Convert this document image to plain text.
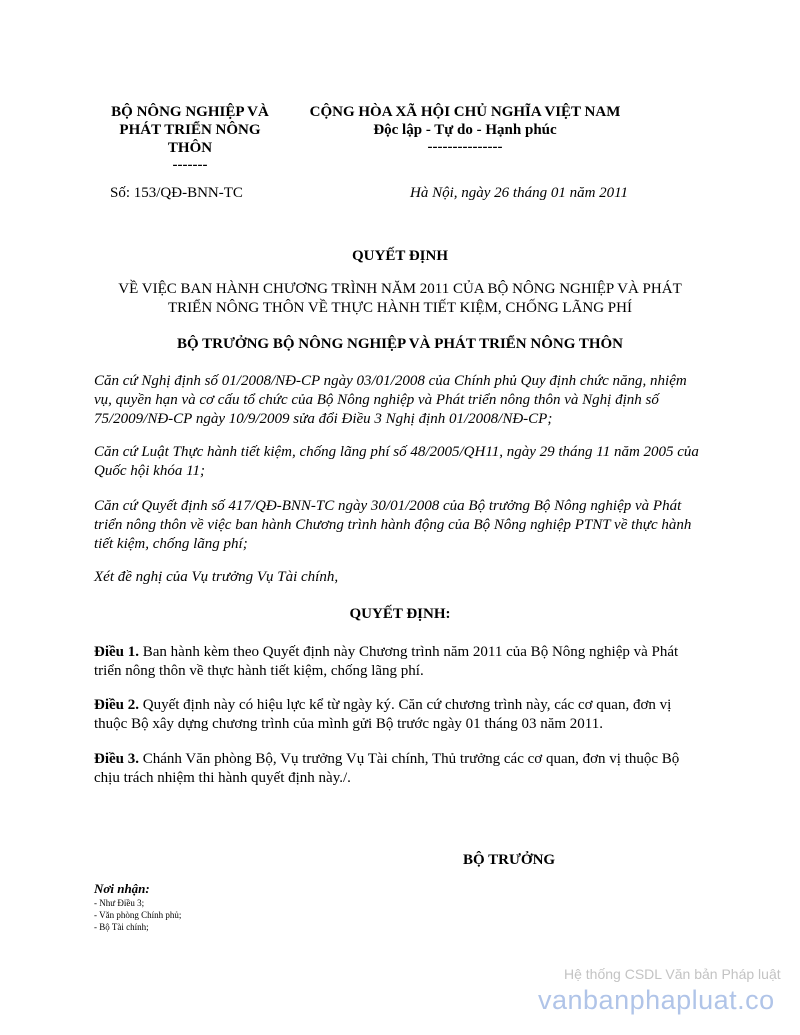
BỘ NÔNG NGHIỆP VÀ
PHÁT TRIỂN NÔNG
THÔN
-------
CỘNG HÒA XÃ HỘI CHỦ NGHĨA VIỆT NAM
Độc lập - Tự do - Hạnh phúc
---------------
Số: 153/QĐ-BNN-TC	Hà Nội, ngày 26 tháng 01 năm 2011
QUYẾT ĐỊNH
VỀ VIỆC BAN HÀNH CHƯƠNG TRÌNH NĂM 2011 CỦA BỘ NÔNG NGHIỆP VÀ PHÁT
TRIỂN NÔNG THÔN VỀ THỰC HÀNH TIẾT KIỆM, CHỐNG LÃNG PHÍ
BỘ TRƯỞNG BỘ NÔNG NGHIỆP VÀ PHÁT TRIỂN NÔNG THÔN
Căn cứ Nghị định số 01/2008/NĐ-CP ngày 03/01/2008 của Chính phủ Quy định chức năng, nhiệm vụ, quyền hạn và cơ cấu tổ chức của Bộ Nông nghiệp và Phát triển nông thôn và Nghị định số 75/2009/NĐ-CP ngày 10/9/2009 sửa đổi Điều 3 Nghị định 01/2008/NĐ-CP;
Căn cứ Luật Thực hành tiết kiệm, chống lãng phí số 48/2005/QH11, ngày 29 tháng 11 năm 2005 của Quốc hội khóa 11;
Căn cứ Quyết định số 417/QĐ-BNN-TC ngày 30/01/2008 của Bộ trưởng Bộ Nông nghiệp và Phát triển nông thôn về việc ban hành Chương trình hành động của Bộ Nông nghiệp PTNT về thực hành tiết kiệm, chống lãng phí;
Xét đề nghị của Vụ trưởng Vụ Tài chính,
QUYẾT ĐỊNH:
Điều 1. Ban hành kèm theo Quyết định này Chương trình năm 2011 của Bộ Nông nghiệp và Phát triển nông thôn về thực hành tiết kiệm, chống lãng phí.
Điều 2. Quyết định này có hiệu lực kể từ ngày ký. Căn cứ chương trình này, các cơ quan, đơn vị thuộc Bộ xây dựng chương trình của mình gửi Bộ trước ngày 01 tháng 03 năm 2011.
Điều 3. Chánh Văn phòng Bộ, Vụ trưởng Vụ Tài chính, Thủ trưởng các cơ quan, đơn vị thuộc Bộ chịu trách nhiệm thi hành quyết định này./.
BỘ TRƯỞNG
Nơi nhận:
- Như Điều 3;
- Văn phòng Chính phủ;
- Bộ Tài chính;
Hệ thống CSDL Văn bản Pháp luật
vanbanphapluat.co
